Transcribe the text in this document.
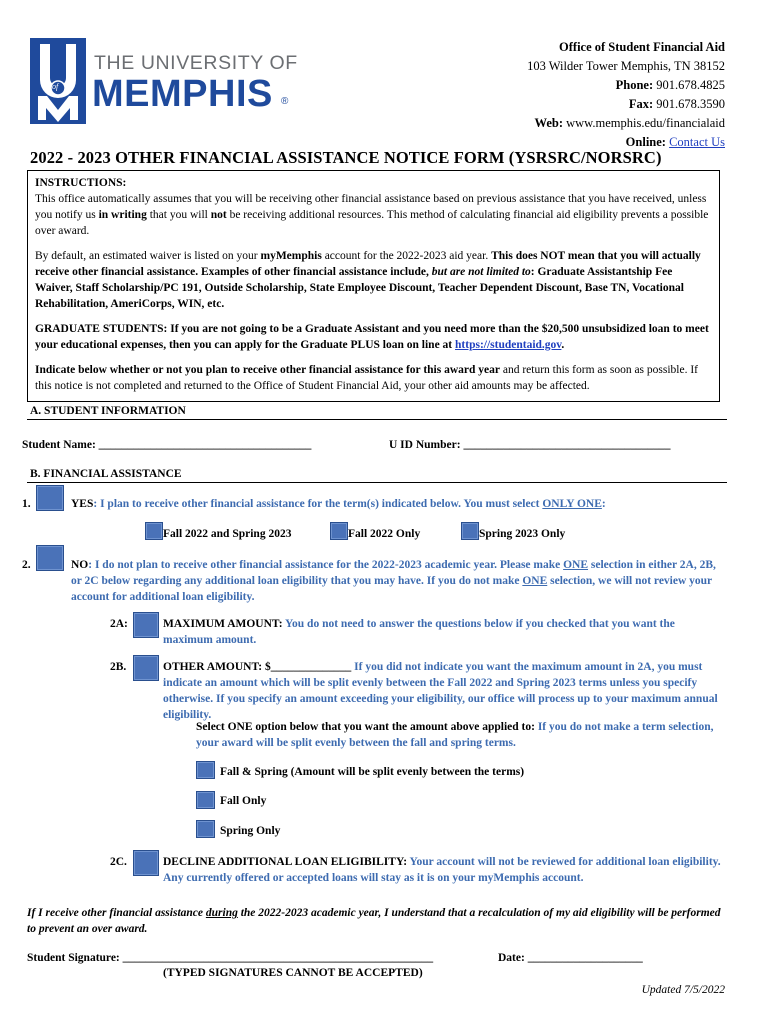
of
THE UNIVERSITY OF
MEMPHIS ®
Office of Student Financial Aid
103 Wilder Tower Memphis, TN 38152
Phone: 901.678.4825
Fax: 901.678.3590
Web: www.memphis.edu/financialaid
Online: Contact Us
2022 - 2023 OTHER FINANCIAL ASSISTANCE NOTICE FORM (YSRSRC/NORSRC)
INSTRUCTIONS:
This office automatically assumes that you will be receiving other financial assistance based on previous assistance that you have received, unless you notify us in writing that you will not be receiving additional resources. This method of calculating financial aid eligibility prevents a possible over award.
By default, an estimated waiver is listed on your myMemphis account for the 2022-2023 aid year. This does NOT mean that you will actually receive other financial assistance. Examples of other financial assistance include, but are not limited to: Graduate Assistantship Fee Waiver, Staff Scholarship/PC 191, Outside Scholarship, State Employee Discount, Teacher Dependent Discount, Base TN, Vocational Rehabilitation, AmeriCorps, WIN, etc.
GRADUATE STUDENTS: If you are not going to be a Graduate Assistant and you need more than the $20,500 unsubsidized loan to meet your educational expenses, then you can apply for the Graduate PLUS loan on line at https://studentaid.gov.
Indicate below whether or not you plan to receive other financial assistance for this award year and return this form as soon as possible. If this notice is not completed and returned to the Office of Student Financial Aid, your other aid amounts may be affected.
A. STUDENT INFORMATION
Student Name: _____________________________________	U ID Number: ____________________________________
B. FINANCIAL ASSISTANCE
1.	YES: I plan to receive other financial assistance for the term(s) indicated below. You must select ONLY ONE:
Fall 2022 and Spring 2023	Fall 2022 Only	Spring 2023 Only
2.	NO: I do not plan to receive other financial assistance for the 2022-2023 academic year. Please make ONE selection in either 2A, 2B, or 2C below regarding any additional loan eligibility that you may have. If you do not make ONE selection, we will not review your account for additional loan eligibility.
2A:	MAXIMUM AMOUNT: You do not need to answer the questions below if you checked that you want the maximum amount.
2B.	OTHER AMOUNT: $______________ If you did not indicate you want the maximum amount in 2A, you must indicate an amount which will be split evenly between the Fall 2022 and Spring 2023 terms unless you specify otherwise. If you specify an amount exceeding your eligibility, our office will process up to your maximum annual eligibility.
Select ONE option below that you want the amount above applied to: If you do not make a term selection, your award will be split evenly between the fall and spring terms.
Fall & Spring (Amount will be split evenly between the terms)
Fall Only
Spring Only
2C.	DECLINE ADDITIONAL LOAN ELIGIBILITY: Your account will not be reviewed for additional loan eligibility. Any currently offered or accepted loans will stay as it is on your myMemphis account.
If I receive other financial assistance during the 2022-2023 academic year, I understand that a recalculation of my aid eligibility will be performed to prevent an over award.
Student Signature: ______________________________________________________	Date: ____________________
(TYPED SIGNATURES CANNOT BE ACCEPTED)
Updated 7/5/2022
